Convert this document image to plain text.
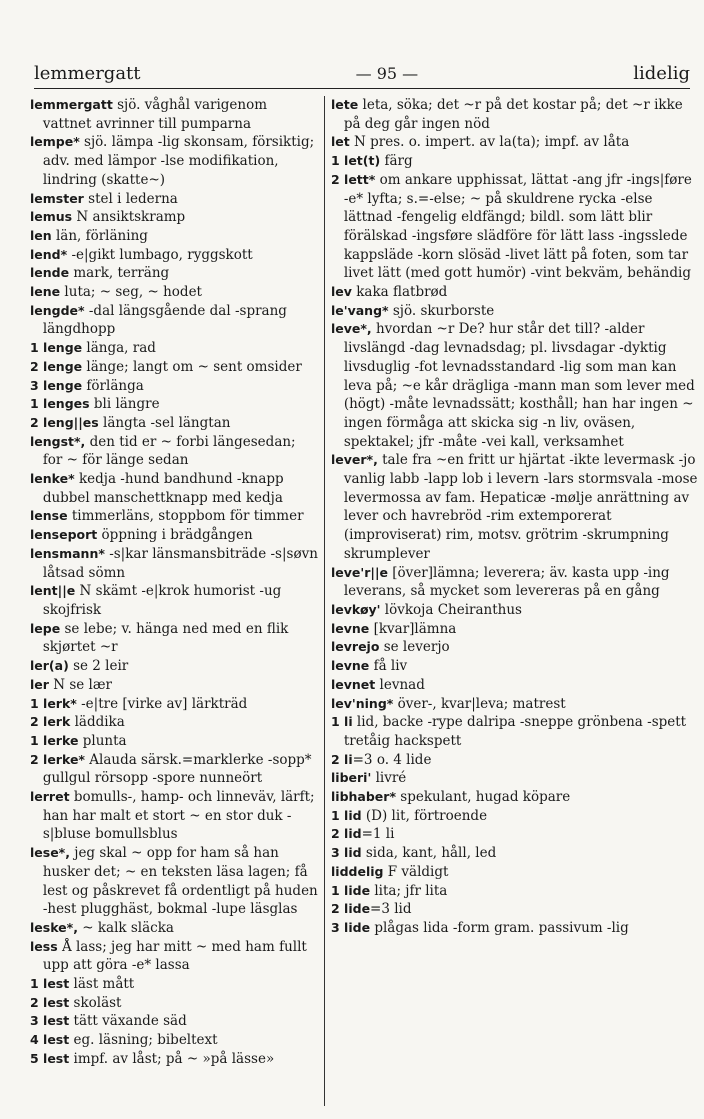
lemmergatt	— 95 —	lidelig

lemmergatt sjö. våghål varigenom vattnet avrinner till pumparna

lempe* sjö. lämpa -lig skonsam, försiktig; adv. med lämpor -lse modifikation, lindring (skatte~)

lemster stel i lederna

lemus N ansiktskramp

len län, förläning

lend* -e|gikt lumbago, ryggskott

lende mark, terräng

lene luta; ~ seg, ~ hodet

lengde* -dal längsgående dal -sprang längdhopp

1 lenge länga, rad

2 lenge länge; langt om ~ sent omsider

3 lenge förlänga

1 lenges bli längre

2 leng||es längta -sel längtan

lengst*, den tid er ~ forbi längesedan; for ~ för länge sedan

lenke* kedja -hund bandhund -knapp dubbel manschettknapp med kedja

lense timmerläns, stoppbom för timmer

lenseport öppning i brädgången

lensmann* -s|kar länsmansbiträde -s|søvn låtsad sömn

lent||e N skämt -e|krok humorist -ug skojfrisk

lepe se lebe; v. hänga ned med en flik skjørtet ~r

ler(a) se 2 leir

ler N se lær

1 lerk* -e|tre [virke av] lärkträd

2 lerk läddika

1 lerke plunta

2 lerke* Alauda särsk.=marklerke -sopp* gullgul rörsopp -spore nunneört

lerret bomulls-, hamp- och linneväv, lärft; han har malt et stort ~ en stor duk -s|bluse bomullsblus

lese*, jeg skal ~ opp for ham så han husker det; ~ en teksten läsa lagen; få lest og påskrevet få ordentligt på huden -hest plugghäst, bokmal -lupe läsglas

leske*, ~ kalk släcka

less Å lass; jeg har mitt ~ med ham fullt upp att göra -e* lassa

1 lest läst mått

2 lest skoläst

3 lest tätt växande säd

4 lest eg. läsning; bibeltext

5 lest impf. av låst; på ~ »på lässe»

lete leta, söka; det ~r på det kostar på; det ~r ikke på deg går ingen nöd

let N pres. o. impert. av la(ta); impf. av låta

1 let(t) färg

2 lett* om ankare upphissat, lättat -ang jfr -ings|føre -e* lyfta; s.=-else; ~ på skuldrene rycka -else lättnad -fengelig eldfängd; bildl. som lätt blir förälskad -ingsføre slädföre för lätt lass -ingsslede kappsläde -korn slösäd -livet lätt på foten, som tar livet lätt (med gott humör) -vint bekväm, behändig

lev kaka flatbrød

le'vang* sjö. skurborste

leve*, hvordan ~r De? hur står det till? -alder livslängd -dag levnadsdag; pl. livsdagar -dyktig livsduglig -fot levnadsstandard -lig som man kan leva på; ~e kår drägliga -mann man som lever med (högt) -måte levnadssätt; kosthåll; han har ingen ~ ingen förmåga att skicka sig -n liv, oväsen, spektakel; jfr -måte -vei kall, verksamhet

lever*, tale fra ~en fritt ur hjärtat -ikte levermask -jo vanlig labb -lapp lob i levern -lars stormsvala -mose levermossa av fam. Hepaticæ -mølje anrättning av lever och havrebröd -rim extemporerat (improviserat) rim, motsv. grötrim -skrumpning skrumplever

leve'r||e [över]lämna; leverera; äv. kasta upp -ing leverans, så mycket som levereras på en gång

levkøy' lövkoja Cheiranthus

levne [kvar]lämna

levrejo se leverjo

levne få liv

levnet levnad

lev'ning* över-, kvar|leva; matrest

1 li lid, backe -rype dalripa -sneppe grönbena -spett tretåig hackspett

2 li=3 o. 4 lide

liberi' livré

libhaber* spekulant, hugad köpare

1 lid (D) lit, förtroende

2 lid=1 li

3 lid sida, kant, håll, led

liddelig F väldigt

1 lide lita; jfr lita

2 lide=3 lid

3 lide plågas lida -form gram. passivum -lig
